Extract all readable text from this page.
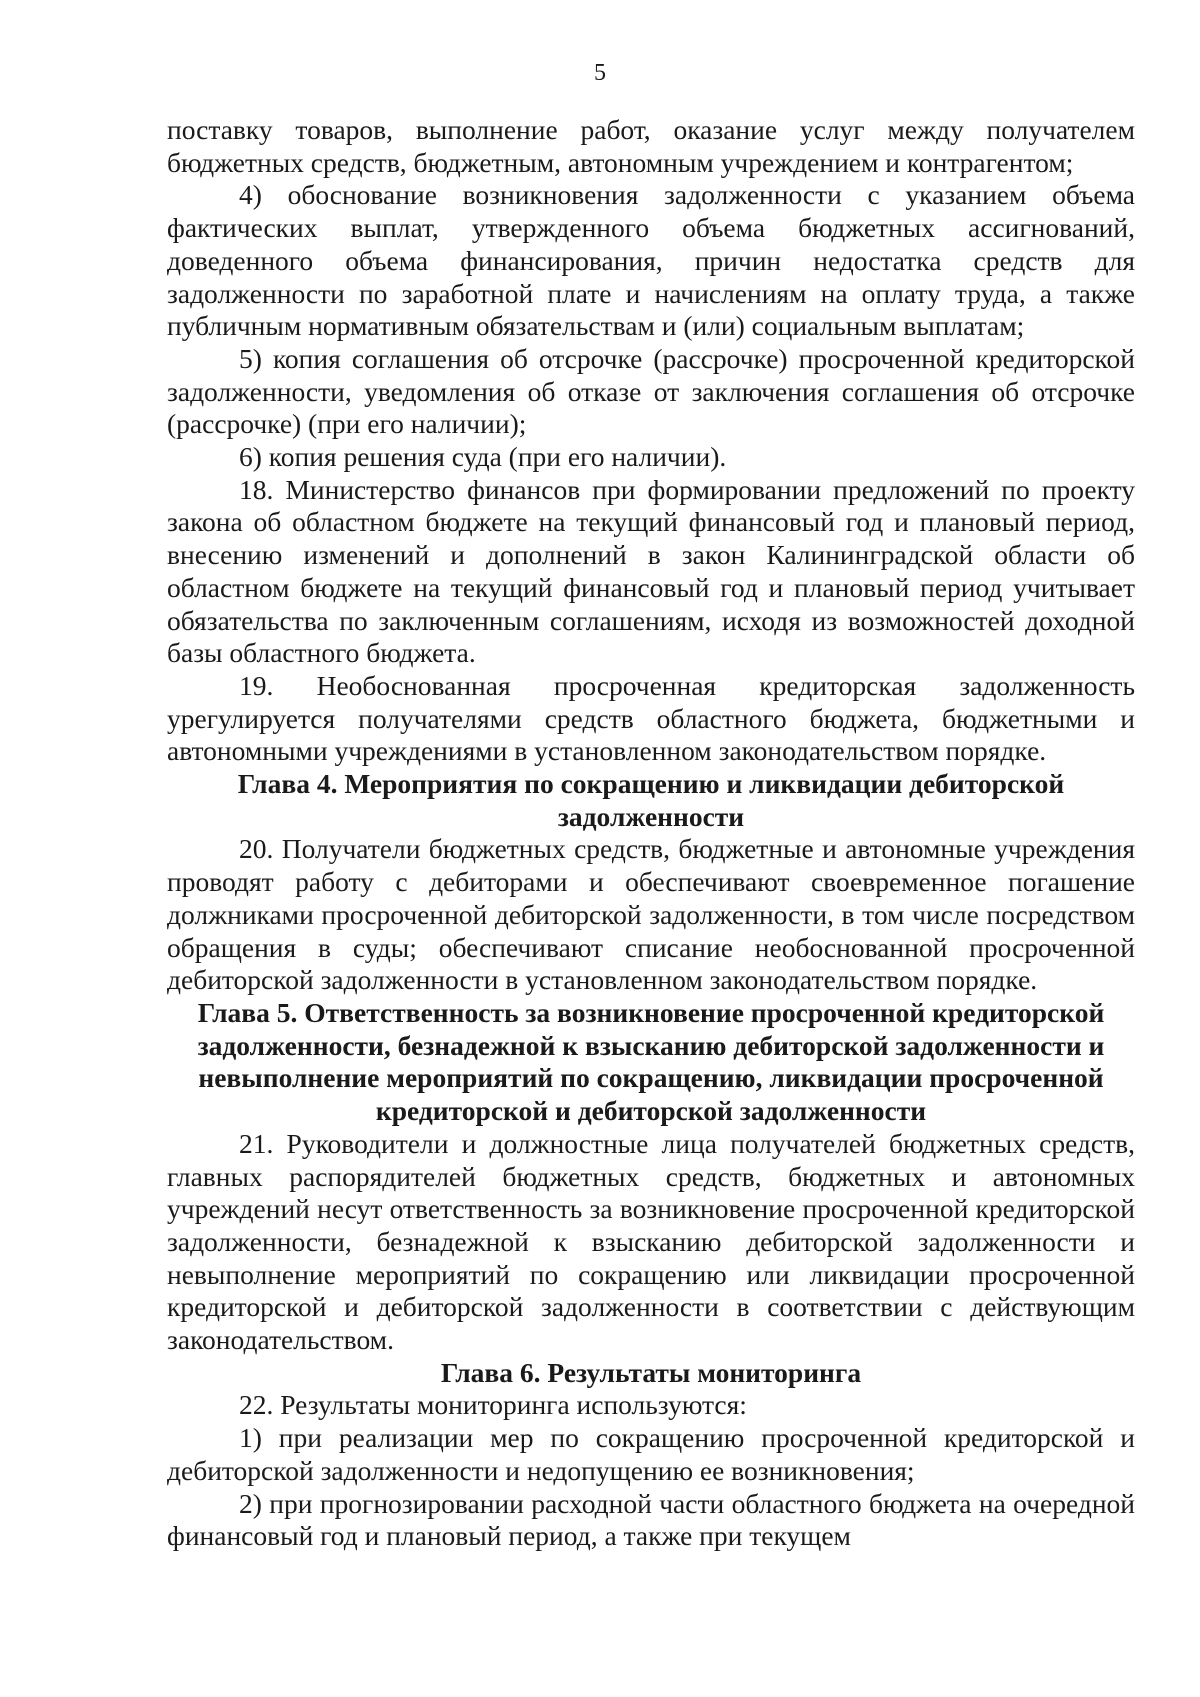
5

поставку товаров, выполнение работ, оказание услуг между получателем бюджетных средств, бюджетным, автономным учреждением и контрагентом;

4) обоснование возникновения задолженности с указанием объема фактических выплат, утвержденного объема бюджетных ассигнований, доведенного объема финансирования, причин недостатка средств для задолженности по заработной плате и начислениям на оплату труда, а также публичным нормативным обязательствам и (или) социальным выплатам;

5) копия соглашения об отсрочке (рассрочке) просроченной кредиторской задолженности, уведомления об отказе от заключения соглашения об отсрочке (рассрочке) (при его наличии);

6) копия решения суда (при его наличии).

18. Министерство финансов при формировании предложений по проекту закона об областном бюджете на текущий финансовый год и плановый период, внесению изменений и дополнений в закон Калининградской области об областном бюджете на текущий финансовый год и плановый период учитывает обязательства по заключенным соглашениям, исходя из возможностей доходной базы областного бюджета.

19. Необоснованная просроченная кредиторская задолженность урегулируется получателями средств областного бюджета, бюджетными и автономными учреждениями в установленном законодательством порядке.

Глава 4. Мероприятия по сокращению и ликвидации дебиторской задолженности

20. Получатели бюджетных средств, бюджетные и автономные учреждения проводят работу с дебиторами и обеспечивают своевременное погашение должниками просроченной дебиторской задолженности, в том числе посредством обращения в суды; обеспечивают списание необоснованной просроченной дебиторской задолженности в установленном законодательством порядке.

Глава 5. Ответственность за возникновение просроченной кредиторской задолженности, безнадежной к взысканию дебиторской задолженности и невыполнение мероприятий по сокращению, ликвидации просроченной кредиторской и дебиторской задолженности

21. Руководители и должностные лица получателей бюджетных средств, главных распорядителей бюджетных средств, бюджетных и автономных учреждений несут ответственность за возникновение просроченной кредиторской задолженности, безнадежной к взысканию дебиторской задолженности и невыполнение мероприятий по сокращению или ликвидации просроченной кредиторской и дебиторской задолженности в соответствии с действующим законодательством.

Глава 6. Результаты мониторинга

22. Результаты мониторинга используются:

1) при реализации мер по сокращению просроченной кредиторской и дебиторской задолженности и недопущению ее возникновения;

2) при прогнозировании расходной части областного бюджета на очередной финансовый год и плановый период, а также при текущем
